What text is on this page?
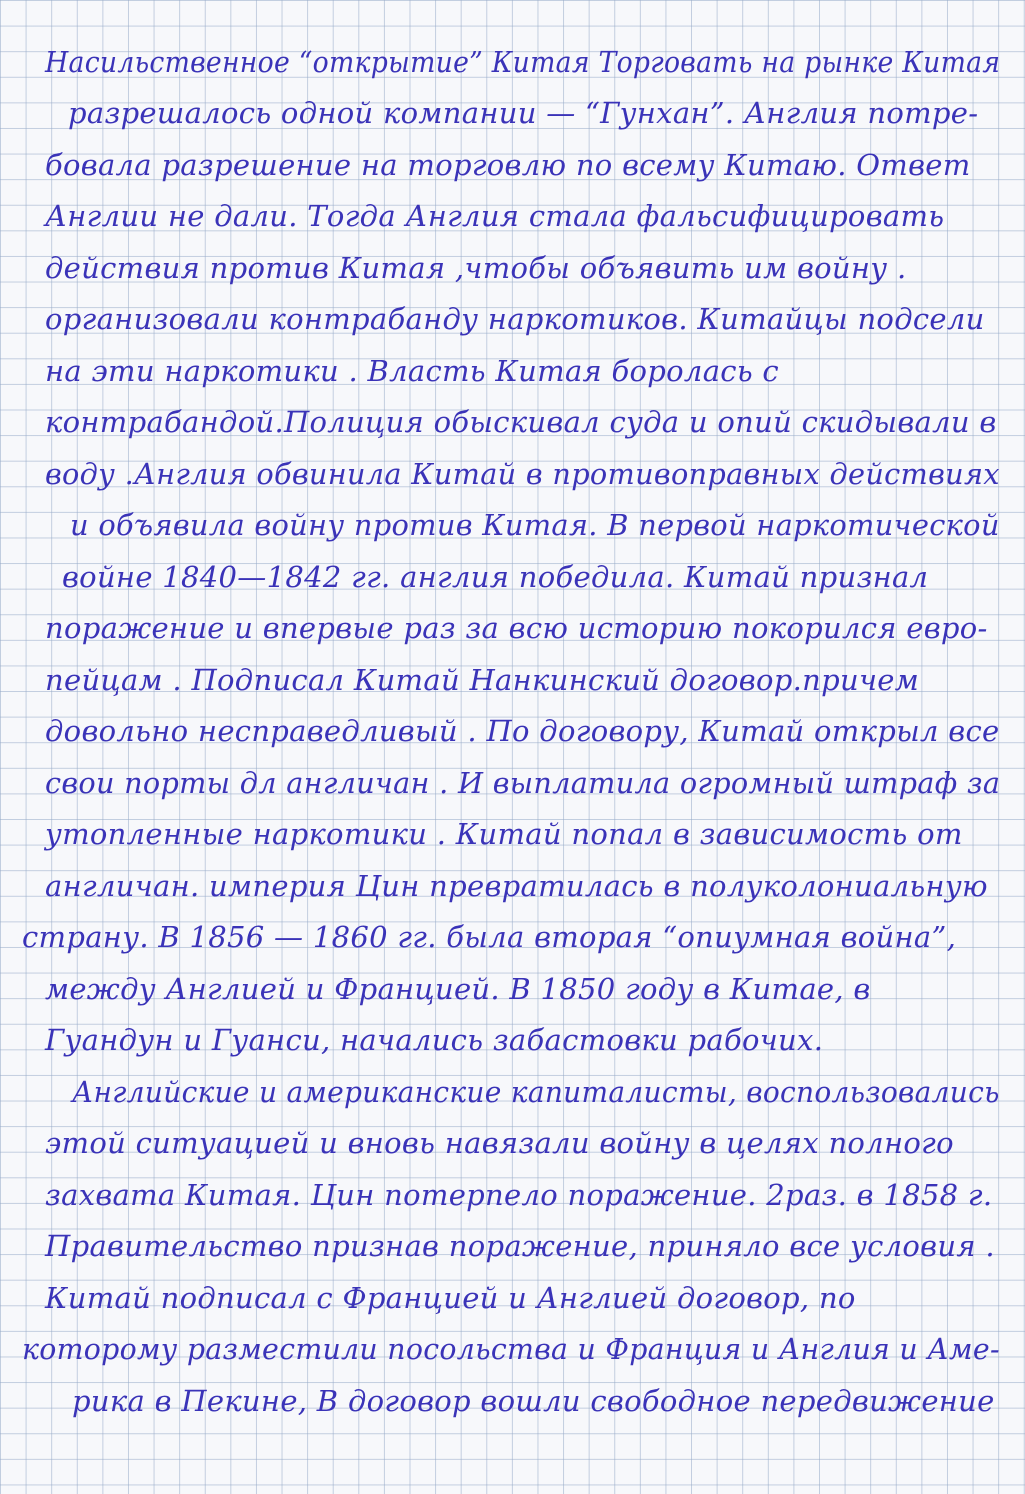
Насильственное “открытие” Китая Торговать на рынке Китая
разрешалось одной компании — “Гунхан”. Англия потре-
бовала разрешение на торговлю по всему Китаю. Ответ
Англии не дали. Тогда Англия стала фальсифицировать
действия против Китая ,чтобы объявить им войну .
организовали контрабанду наркотиков. Китайцы подсели
на эти наркотики . Власть Китая боролась с
контрабандой.Полиция обыскивал суда и опий скидывали в
воду .Англия обвинила Китай в противоправных действиях
и объявила войну против Китая. В первой наркотической
войне 1840—1842 гг. англия победила. Китай признал
поражение и впервые раз за всю историю покорился евро-
пейцам . Подписал Китай Нанкинский договор.причем
довольно несправедливый . По договору, Китай открыл все
свои порты дл англичан . И выплатила огромный штраф за
утопленные наркотики . Китай попал в зависимость от
англичан. империя Цин превратилась в полуколониальную
страну. В 1856 — 1860 гг. была вторая “опиумная война”,
между Англией и Францией. В 1850 году в Китае, в
Гуандун и Гуанси, начались забастовки рабочих.
Английские и американские капиталисты, воспользовались
этой ситуацией и вновь навязали войну в целях полного
захвата Китая. Цин потерпело поражение. 2раз. в 1858 г.
Правительство признав поражение, приняло все условия .
Китай подписал с Францией и Англией договор, по
которому разместили посольства и Франция и Англия и Аме-
рика в Пекине, В договор вошли свободное передвижение
